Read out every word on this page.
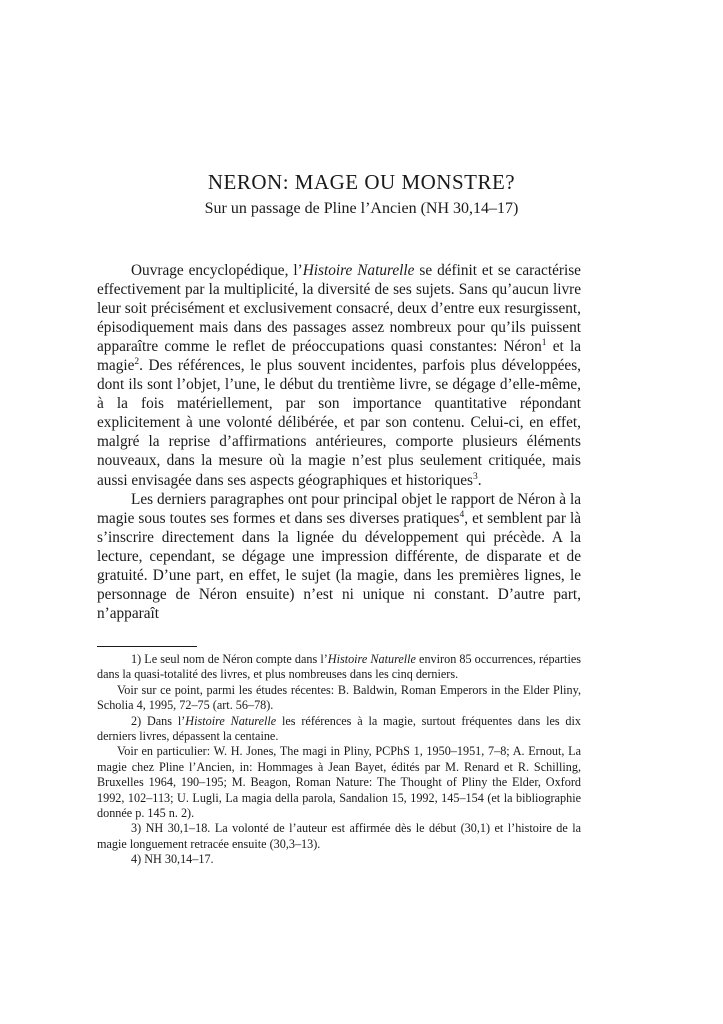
NERON: MAGE OU MONSTRE?
Sur un passage de Pline l’Ancien (NH 30,14–17)

Ouvrage encyclopédique, l’Histoire Naturelle se définit et se caractérise effectivement par la multiplicité, la diversité de ses sujets. Sans qu’aucun livre leur soit précisément et exclusivement consacré, deux d’entre eux resurgissent, épisodiquement mais dans des passages assez nombreux pour qu’ils puissent apparaître comme le reflet de préoccupations quasi constantes: Néron$^1$ et la magie$^2$. Des références, le plus souvent incidentes, parfois plus développées, dont ils sont l’objet, l’une, le début du trentième livre, se dégage d’elle-même, à la fois matériellement, par son importance quantitative répondant explicitement à une volonté délibérée, et par son contenu. Celui-ci, en effet, malgré la reprise d’affirmations antérieures, comporte plusieurs éléments nouveaux, dans la mesure où la magie n’est plus seulement critiquée, mais aussi envisagée dans ses aspects géographiques et historiques$^3$.

Les derniers paragraphes ont pour principal objet le rapport de Néron à la magie sous toutes ses formes et dans ses diverses pratiques$^4$, et semblent par là s’inscrire directement dans la lignée du développement qui précède. A la lecture, cependant, se dégage une impression différente, de disparate et de gratuité. D’une part, en effet, le sujet (la magie, dans les premières lignes, le personnage de Néron ensuite) n’est ni unique ni constant. D’autre part, n’apparaît

1) Le seul nom de Néron compte dans l’Histoire Naturelle environ 85 occurrences, réparties dans la quasi-totalité des livres, et plus nombreuses dans les cinq derniers.

Voir sur ce point, parmi les études récentes: B. Baldwin, Roman Emperors in the Elder Pliny, Scholia 4, 1995, 72–75 (art. 56–78).

2) Dans l’Histoire Naturelle les références à la magie, surtout fréquentes dans les dix derniers livres, dépassent la centaine.

Voir en particulier: W. H. Jones, The magi in Pliny, PCPhS 1, 1950–1951, 7–8; A. Ernout, La magie chez Pline l’Ancien, in: Hommages à Jean Bayet, édités par M. Renard et R. Schilling, Bruxelles 1964, 190–195; M. Beagon, Roman Nature: The Thought of Pliny the Elder, Oxford 1992, 102–113; U. Lugli, La magia della parola, Sandalion 15, 1992, 145–154 (et la bibliographie donnée p. 145 n. 2).

3) NH 30,1–18. La volonté de l’auteur est affirmée dès le début (30,1) et l’histoire de la magie longuement retracée ensuite (30,3–13).

4) NH 30,14–17.
